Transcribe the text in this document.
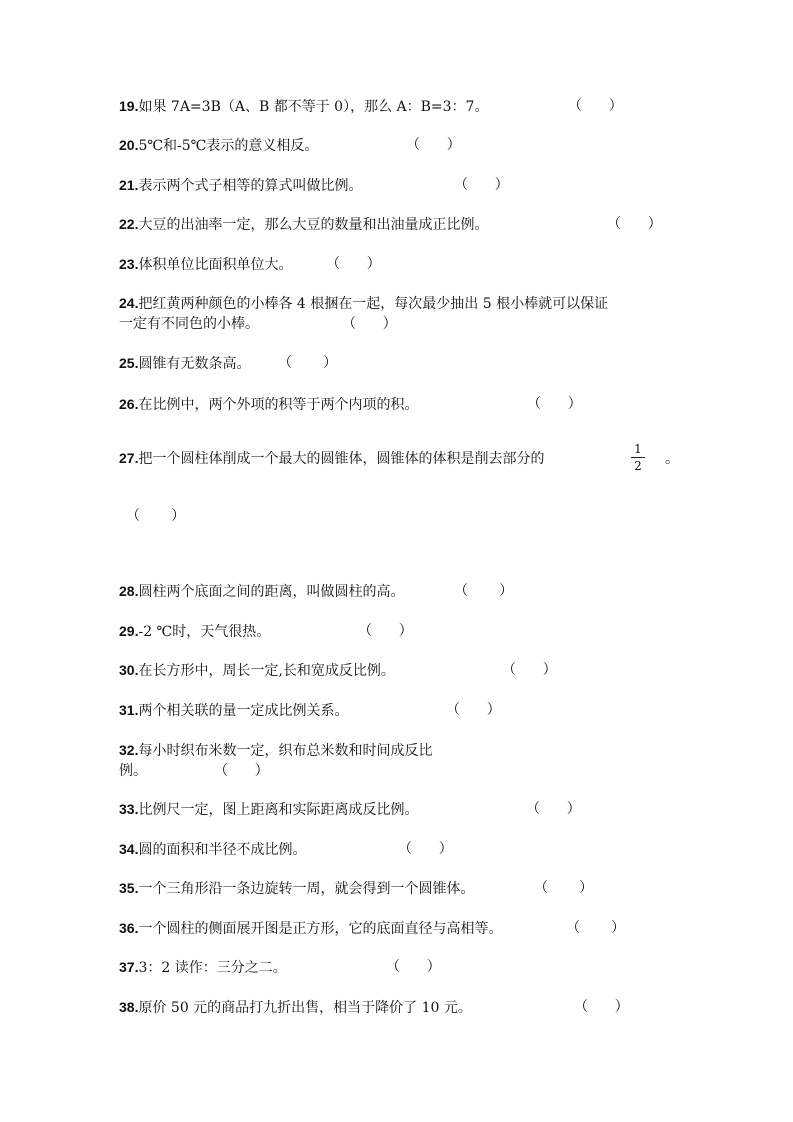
19.如果 7A=3B（A、B 都不等于 0），那么 A：B=3：7。	（      ）
20.5℃和-5℃表示的意义相反。	（      ）
21.表示两个式子相等的算式叫做比例。	（      ）
22.大豆的出油率一定，那么大豆的数量和出油量成正比例。	（      ）
23.体积单位比面积单位大。 （      ）
24.把红黄两种颜色的小棒各 4 根捆在一起，每次最少抽出 5 根小棒就可以保证
一定有不同色的小棒。	（      ）
25.圆锥有无数条高。 （       ）
26.在比例中，两个外项的积等于两个内项的积。	（      ）
27.把一个圆柱体削成一个最大的圆锥体，圆锥体的体积是削去部分的
1
2 。
（       ）
28.圆柱两个底面之间的距离，叫做圆柱的高。	（       ）
29.-2 ℃时，天气很热。	（      ）
30.在长方形中，周长一定,长和宽成反比例。	（      ）
31.两个相关联的量一定成比例关系。	（      ）
32.每小时织布米数一定，织布总米数和时间成反比
例。	（      ）
33.比例尺一定，图上距离和实际距离成反比例。	（      ）
34.圆的面积和半径不成比例。	（      ）
35.一个三角形沿一条边旋转一周，就会得到一个圆锥体。	（       ）
36.一个圆柱的侧面展开图是正方形，它的底面直径与高相等。	（       ）
37.3：2 读作：三分之二。	（      ）
38.原价 50 元的商品打九折出售，相当于降价了 10 元。	（      ）
